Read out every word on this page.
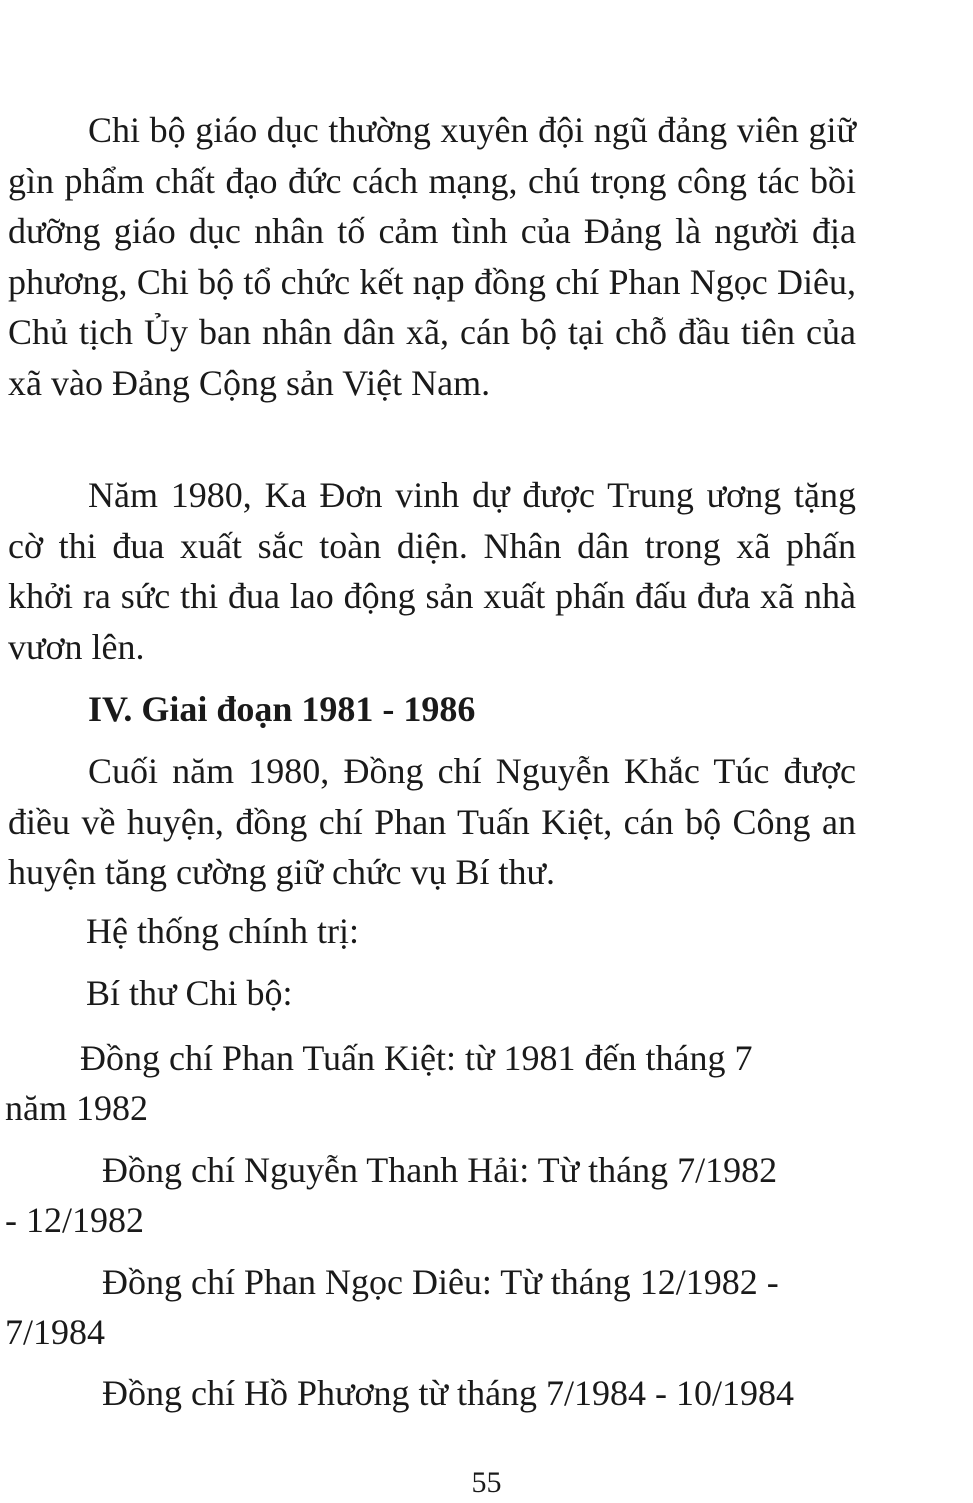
Chi bộ giáo dục thường xuyên đội ngũ đảng viên giữ gìn phẩm chất đạo đức cách mạng, chú trọng công tác bồi dưỡng giáo dục nhân tố cảm tình của Đảng là người địa phương, Chi bộ tổ chức kết nạp đồng chí Phan Ngọc Diêu, Chủ tịch Ủy ban nhân dân xã, cán bộ tại chỗ đầu tiên của xã vào Đảng Cộng sản Việt Nam.

Năm 1980, Ka Đơn vinh dự được Trung ương tặng cờ thi đua xuất sắc toàn diện. Nhân dân trong xã phấn khởi ra sức thi đua lao động sản xuất phấn đấu đưa xã nhà vươn lên.

IV. Giai đoạn 1981 - 1986

Cuối năm 1980, Đồng chí Nguyễn Khắc Túc được điều về huyện, đồng chí Phan Tuấn Kiệt, cán bộ Công an huyện tăng cường giữ chức vụ Bí thư.

Hệ thống chính trị:

Bí thư Chi bộ:

Đồng chí Phan Tuấn Kiệt: từ 1981 đến tháng 7

năm 1982

Đồng chí Nguyễn Thanh Hải: Từ tháng 7/1982

- 12/1982

Đồng chí Phan Ngọc Diêu: Từ tháng 12/1982 -

7/1984

Đồng chí Hồ Phương từ tháng 7/1984 - 10/1984

55
